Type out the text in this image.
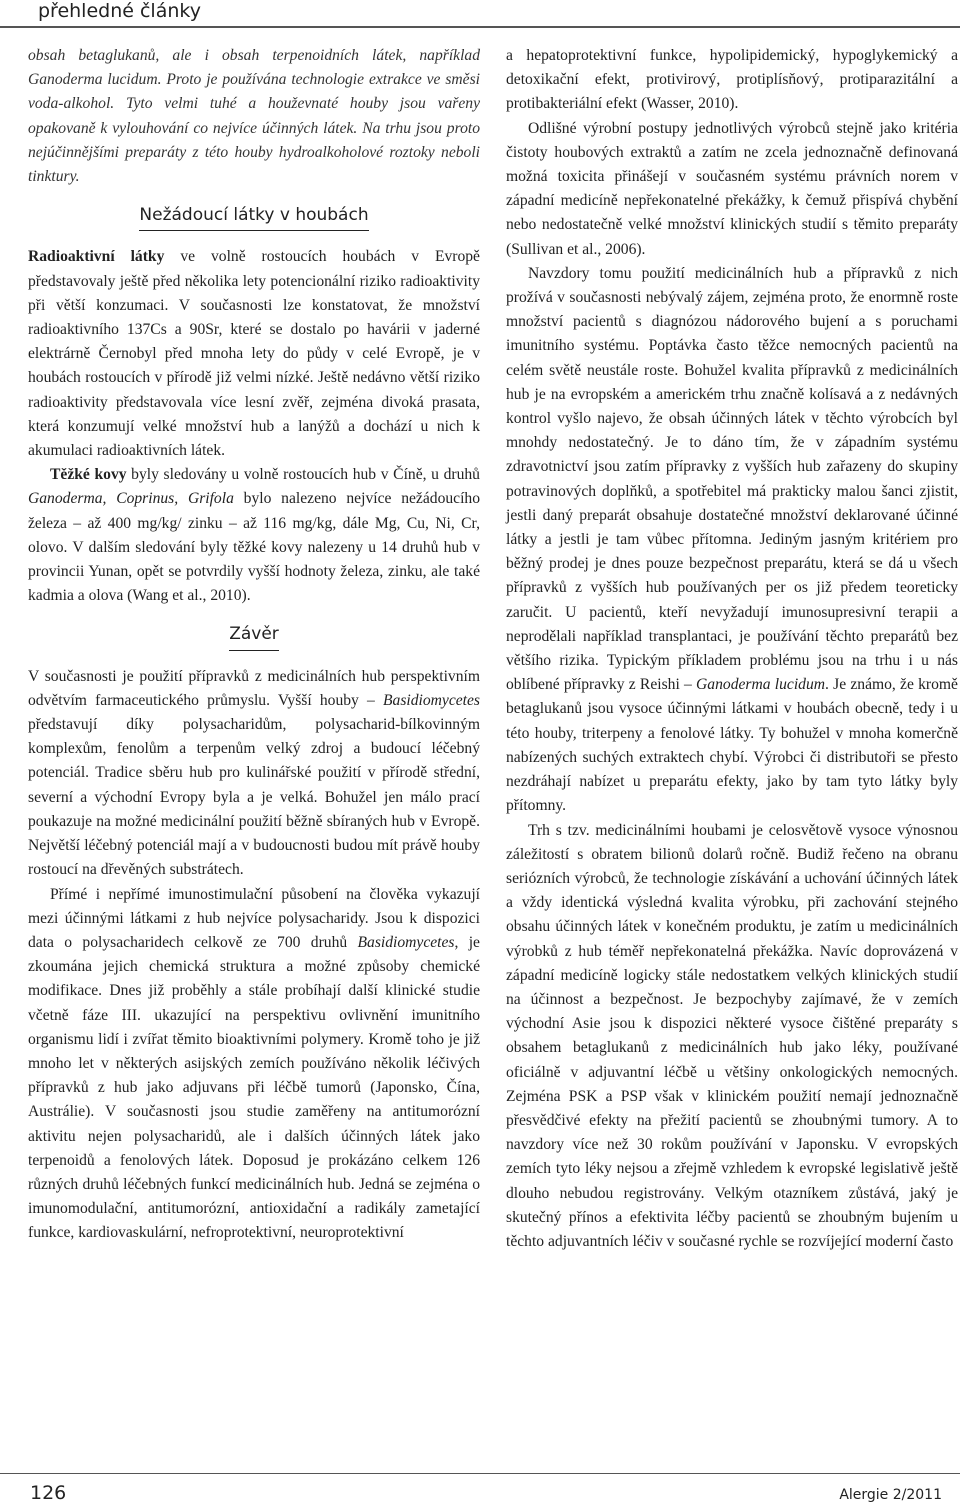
přehledné články

obsah betaglukanů, ale i obsah terpenoidních látek, například Ganoderma lucidum. Proto je používána technologie extrakce ve směsi voda-alkohol. Tyto velmi tuhé a houževnaté houby jsou vařeny opakovaně k vylouhování co nejvíce účinných látek. Na trhu jsou proto nejúčinnějšími preparáty z této houby hydroalkoholové roztoky neboli tinktury.

Nežádoucí látky v houbách

Radioaktivní látky ve volně rostoucích houbách v Evropě představovaly ještě před několika lety potencionální riziko radioaktivity při větší konzumaci. V současnosti lze konstatovat, že množství radioaktivního 137Cs a 90Sr, které se dostalo po havárii v jaderné elektrárně Černobyl před mnoha lety do půdy v celé Evropě, je v houbách rostoucích v přírodě již velmi nízké. Ještě nedávno větší riziko radioaktivity představovala více lesní zvěř, zejména divoká prasata, která konzumují velké množství hub a lanýžů a dochází u nich k akumulaci radioaktivních látek.

Těžké kovy byly sledovány u volně rostoucích hub v Číně, u druhů Ganoderma, Coprinus, Grifola bylo nalezeno nejvíce nežádoucího železa – až 400 mg/kg/ zinku – až 116 mg/kg, dále Mg, Cu, Ni, Cr, olovo. V dalším sledování byly těžké kovy nalezeny u 14 druhů hub v provincii Yunan, opět se potvrdily vyšší hodnoty železa, zinku, ale také kadmia a olova (Wang et al., 2010).

Závěr

V současnosti je použití přípravků z medicinálních hub perspektivním odvětvím farmaceutického průmyslu. Vyšší houby – Basidiomycetes představují díky polysacharidům, polysacharid-bílkovinným komplexům, fenolům a terpenům velký zdroj a budoucí léčebný potenciál. Tradice sběru hub pro kulinářské použití v přírodě střední, severní a východní Evropy byla a je velká. Bohužel jen málo prací poukazuje na možné medicinální použití běžně sbíraných hub v Evropě. Největší léčebný potenciál mají a v budoucnosti budou mít právě houby rostoucí na dřevěných substrátech.

Přímé i nepřímé imunostimulační působení na člověka vykazují mezi účinnými látkami z hub nejvíce polysacharidy. Jsou k dispozici data o polysacharidech celkově ze 700 druhů Basidiomycetes, je zkoumána jejich chemická struktura a možné způsoby chemické modifikace. Dnes již proběhly a stále probíhají další klinické studie včetně fáze III. ukazující na perspektivu ovlivnění imunitního organismu lidí i zvířat těmito bioaktivními polymery. Kromě toho je již mnoho let v některých asijských zemích používáno několik léčivých přípravků z hub jako adjuvans při léčbě tumorů (Japonsko, Čína, Austrálie). V současnosti jsou studie zaměřeny na antitumorózní aktivitu nejen polysacharidů, ale i dalších účinných látek jako terpenoidů a fenolových látek. Doposud je prokázáno celkem 126 různých druhů léčebných funkcí medicinálních hub. Jedná se zejména o imunomodulační, antitumorózní, antioxidační a radikály zametající funkce, kardiovaskulární, nefroprotektivní, neuroprotektivní

a hepatoprotektivní funkce, hypolipidemický, hypoglykemický a detoxikační efekt, protivirový, protiplísňový, protiparazitální a protibakteriální efekt (Wasser, 2010).

Odlišné výrobní postupy jednotlivých výrobců stejně jako kritéria čistoty houbových extraktů a zatím ne zcela jednoznačně definovaná možná toxicita přinášejí v současném systému právních norem v západní medicíně nepřekonatelné překážky, k čemuž přispívá chybění nebo nedostatečně velké množství klinických studií s těmito preparáty (Sullivan et al., 2006).

Navzdory tomu použití medicinálních hub a přípravků z nich prožívá v současnosti nebývalý zájem, zejména proto, že enormně roste množství pacientů s diagnózou nádorového bujení a s poruchami imunitního systému. Poptávka často těžce nemocných pacientů na celém světě neustále roste. Bohužel kvalita přípravků z medicinálních hub je na evropském a americkém trhu značně kolísavá a z nedávných kontrol vyšlo najevo, že obsah účinných látek v těchto výrobcích byl mnohdy nedostatečný. Je to dáno tím, že v západním systému zdravotnictví jsou zatím přípravky z vyšších hub zařazeny do skupiny potravinových doplňků, a spotřebitel má prakticky malou šanci zjistit, jestli daný preparát obsahuje dostatečné množství deklarované účinné látky a jestli je tam vůbec přítomna. Jediným jasným kritériem pro běžný prodej je dnes pouze bezpečnost preparátu, která se dá u všech přípravků z vyšších hub používaných per os již předem teoreticky zaručit. U pacientů, kteří nevyžadují imunosupresivní terapii a neprodělali například transplantaci, je používání těchto preparátů bez většího rizika. Typickým příkladem problému jsou na trhu i u nás oblíbené přípravky z Reishi – Ganoderma lucidum. Je známo, že kromě betaglukanů jsou vysoce účinnými látkami v houbách obecně, tedy i u této houby, triterpeny a fenolové látky. Ty bohužel v mnoha komerčně nabízených suchých extraktech chybí. Výrobci či distributoři se přesto nezdráhají nabízet u preparátu efekty, jako by tam tyto látky byly přítomny.

Trh s tzv. medicinálními houbami je celosvětově vysoce výnosnou záležitostí s obratem bilionů dolarů ročně. Budiž řečeno na obranu seriózních výrobců, že technologie získávání a uchování účinných látek a vždy identická výsledná kvalita výrobku, při zachování stejného obsahu účinných látek v konečném produktu, je zatím u medicinálních výrobků z hub téměř nepřekonatelná překážka. Navíc doprovázená v západní medicíně logicky stále nedostatkem velkých klinických studií na účinnost a bezpečnost. Je bezpochyby zajímavé, že v zemích východní Asie jsou k dispozici některé vysoce čištěné preparáty s obsahem betaglukanů z medicinálních hub jako léky, používané oficiálně v adjuvantní léčbě u většiny onkologických nemocných. Zejména PSK a PSP však v klinickém použití nemají jednoznačně přesvědčivé efekty na přežití pacientů se zhoubnými tumory. A to navzdory více než 30 rokům používání v Japonsku. V evropských zemích tyto léky nejsou a zřejmě vzhledem k evropské legislativě ještě dlouho nebudou registrovány. Velkým otazníkem zůstává, jaký je skutečný přínos a efektivita léčby pacientů se zhoubným bujením u těchto adjuvantních léčiv v současné rychle se rozvíjející moderní často

126	Alergie 2/2011
